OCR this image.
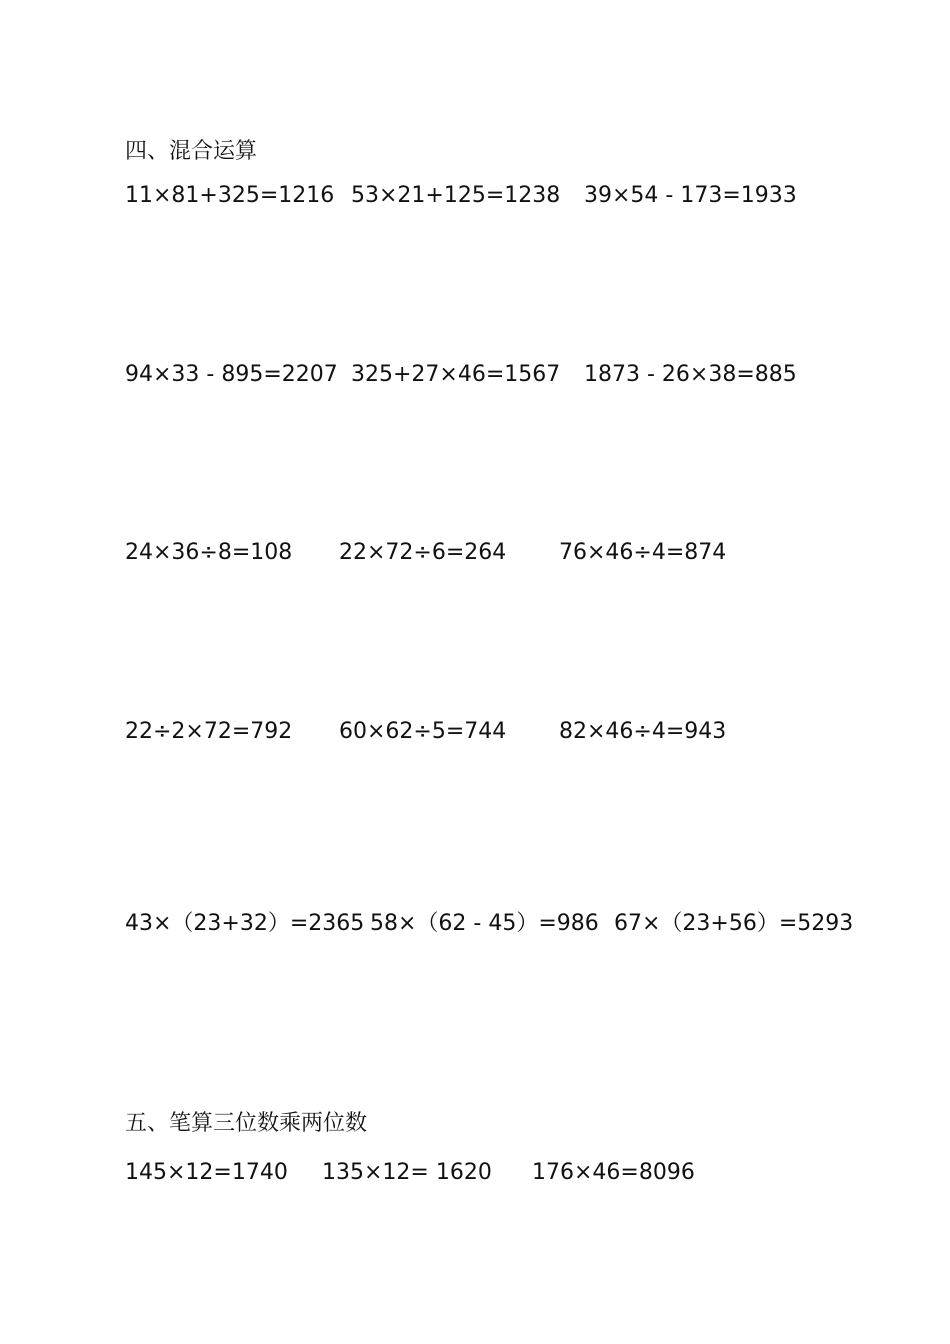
四、混合运算
11×81+325=1216 53×21+125=1238 39×54 - 173=1933
94×33 - 895=2207 325+27×46=1567 1873 - 26×38=885
24×36÷8=108 22×72÷6=264 76×46÷4=874
22÷2×72=792 60×62÷5=744 82×46÷4=943
43×（23+32）=2365 58×（62 - 45）=986 67×（23+56）=5293
五、笔算三位数乘两位数
145×12=1740 135×12= 1620 176×46=8096
